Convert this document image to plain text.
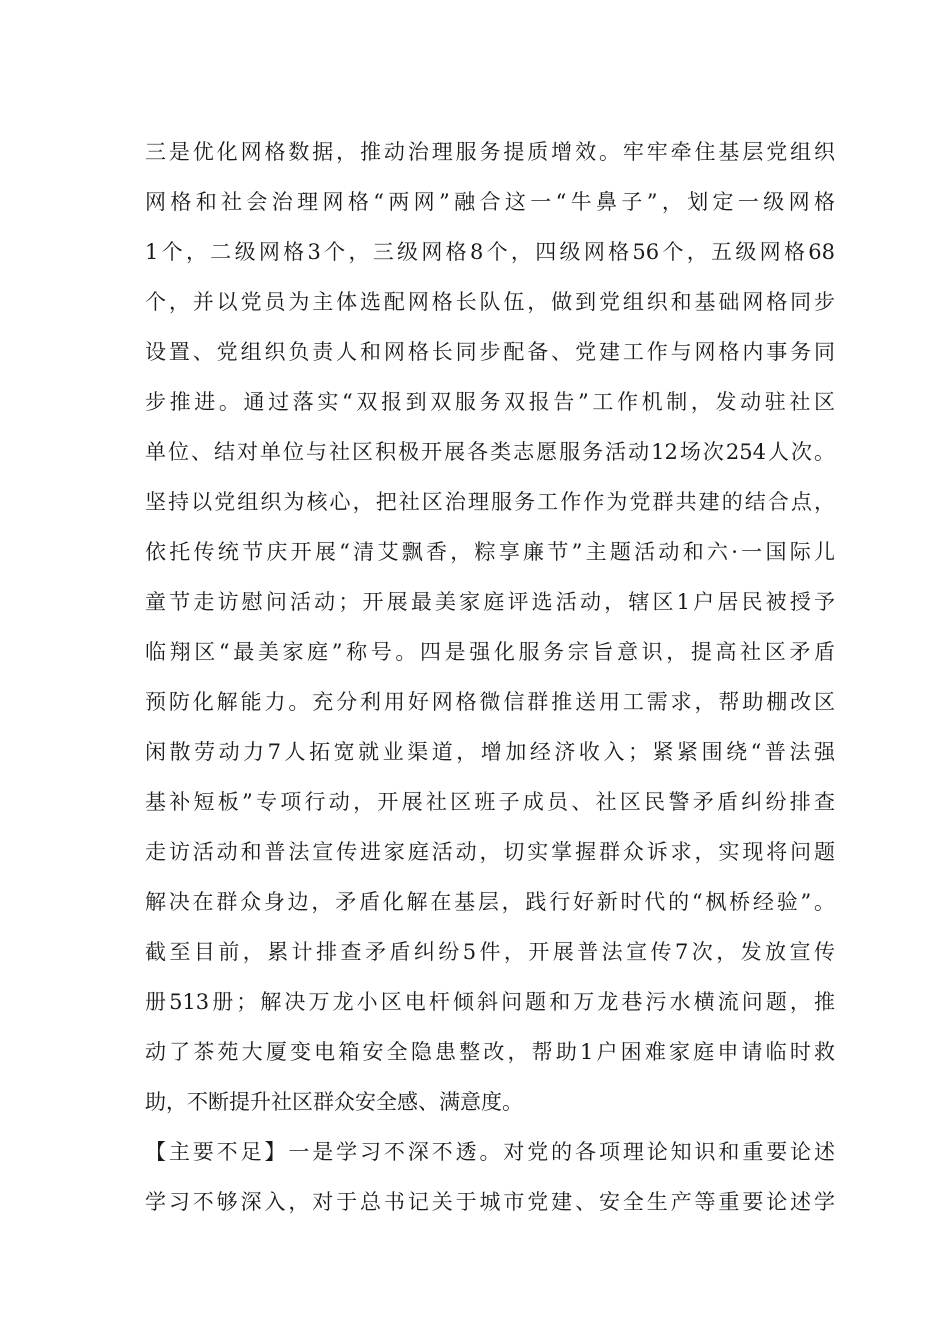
三是优化网格数据，推动治理服务提质增效。牢牢牵住基层党组织
网格和社会治理网格“两网”融合这一“牛鼻子”，划定一级网格
1个，二级网格3个，三级网格8个，四级网格56个，五级网格68
个，并以党员为主体选配网格长队伍，做到党组织和基础网格同步
设置、党组织负责人和网格长同步配备、党建工作与网格内事务同
步推进。通过落实“双报到双服务双报告”工作机制，发动驻社区
单位、结对单位与社区积极开展各类志愿服务活动12场次254人次。
坚持以党组织为核心，把社区治理服务工作作为党群共建的结合点，
依托传统节庆开展“清艾飘香，粽享廉节”主题活动和六·一国际儿
童节走访慰问活动；开展最美家庭评选活动，辖区1户居民被授予
临翔区“最美家庭”称号。四是强化服务宗旨意识，提高社区矛盾
预防化解能力。充分利用好网格微信群推送用工需求，帮助棚改区
闲散劳动力7人拓宽就业渠道，增加经济收入；紧紧围绕“普法强
基补短板”专项行动，开展社区班子成员、社区民警矛盾纠纷排查
走访活动和普法宣传进家庭活动，切实掌握群众诉求，实现将问题
解决在群众身边，矛盾化解在基层，践行好新时代的“枫桥经验”。
截至目前，累计排查矛盾纠纷5件，开展普法宣传7次，发放宣传
册513册；解决万龙小区电杆倾斜问题和万龙巷污水横流问题，推
动了茶苑大厦变电箱安全隐患整改，帮助1户困难家庭申请临时救
助，不断提升社区群众安全感、满意度。
【主要不足】一是学习不深不透。对党的各项理论知识和重要论述
学习不够深入，对于总书记关于城市党建、安全生产等重要论述学
